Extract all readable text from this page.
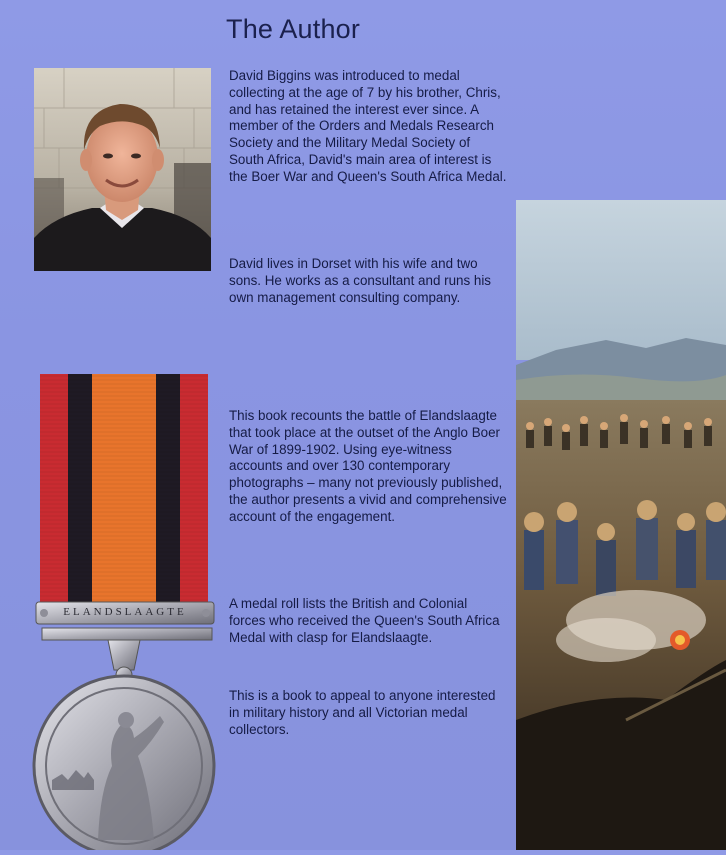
The Author

David Biggins was introduced to medal collecting at the age of 7 by his brother, Chris, and has retained the interest ever since. A member of the Orders and Medals Research Society and the Military Medal Society of South Africa, David's main area of interest is the Boer War and Queen's South Africa Medal.

David lives in Dorset with his wife and two sons. He works as a consultant and runs his own management consulting company.

This book recounts the battle of Elandslaagte that took place at the outset of the Anglo Boer War of 1899-1902. Using eye-witness accounts and over 130 contemporary photographs – many not previously published, the author presents a vivid and comprehensive account of the engagement.

A medal roll lists the British and Colonial forces who received the Queen's South Africa Medal with clasp for Elandslaagte.

This is a book to appeal to anyone interested in military history and all Victorian medal collectors.

ELANDSLAAGTE
